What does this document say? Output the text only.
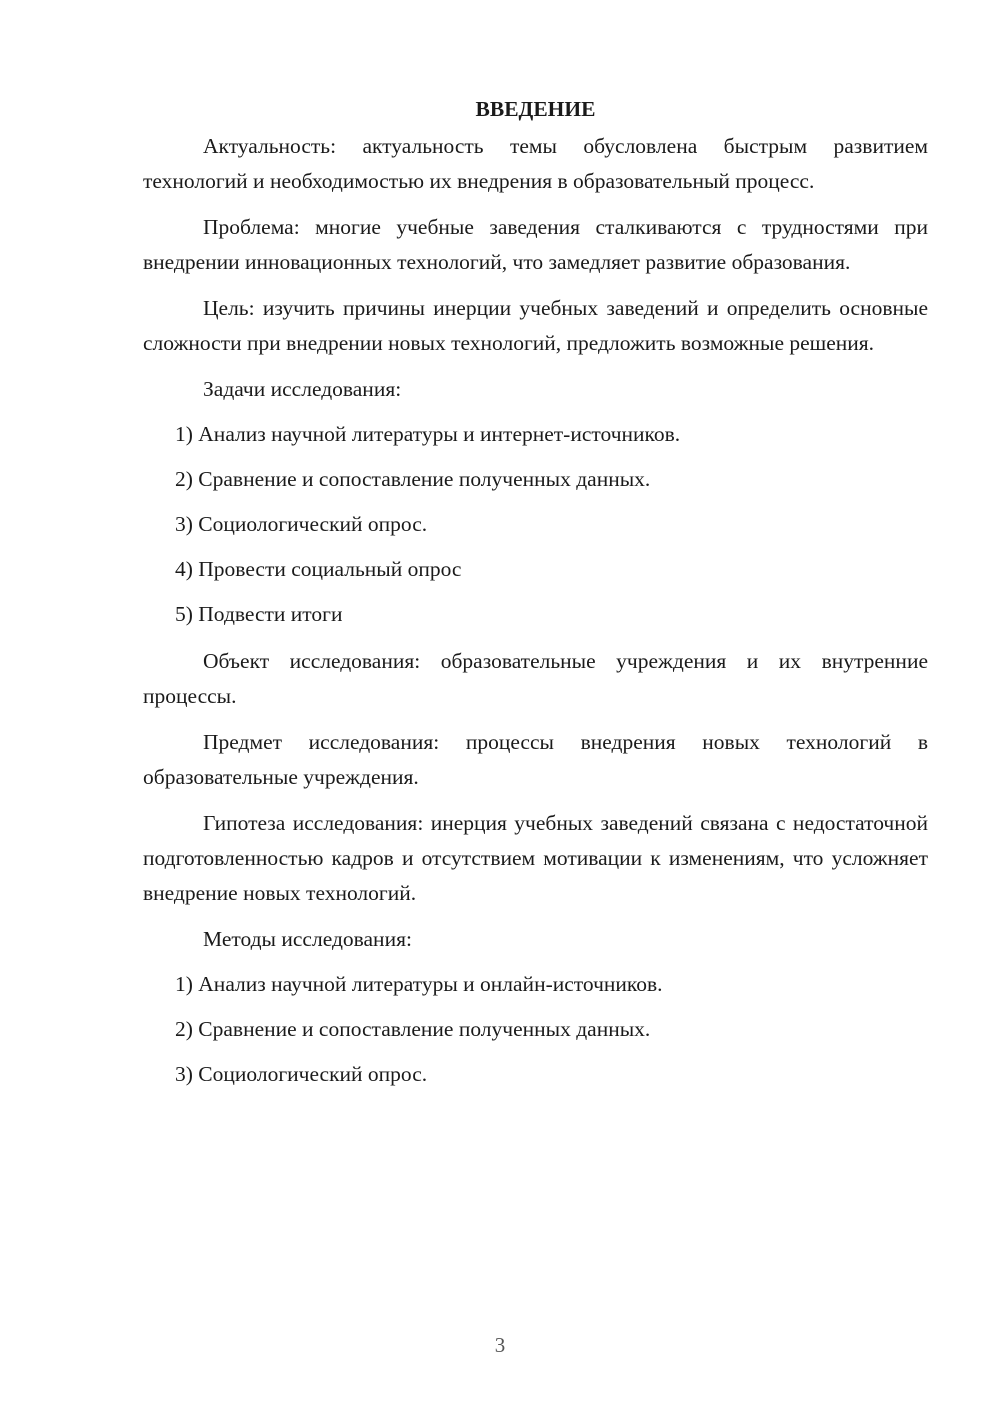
ВВЕДЕНИЕ

Актуальность: актуальность темы обусловлена быстрым развитием технологий и необходимостью их внедрения в образовательный процесс.

Проблема: многие учебные заведения сталкиваются с трудностями при внедрении инновационных технологий, что замедляет развитие образования.

Цель: изучить причины инерции учебных заведений и определить основные сложности при внедрении новых технологий, предложить возможные решения.

Задачи исследования:

1) Анализ научной литературы и интернет-источников.
2) Сравнение и сопоставление полученных данных.
3) Социологический опрос.
4) Провести социальный опрос
5) Подвести итоги

Объект исследования: образовательные учреждения и их внутренние процессы.

Предмет исследования: процессы внедрения новых технологий в образовательные учреждения.

Гипотеза исследования: инерция учебных заведений связана с недостаточной подготовленностью кадров и отсутствием мотивации к изменениям, что усложняет внедрение новых технологий.

Методы исследования:

1) Анализ научной литературы и онлайн-источников.
2) Сравнение и сопоставление полученных данных.
3) Социологический опрос.
3
